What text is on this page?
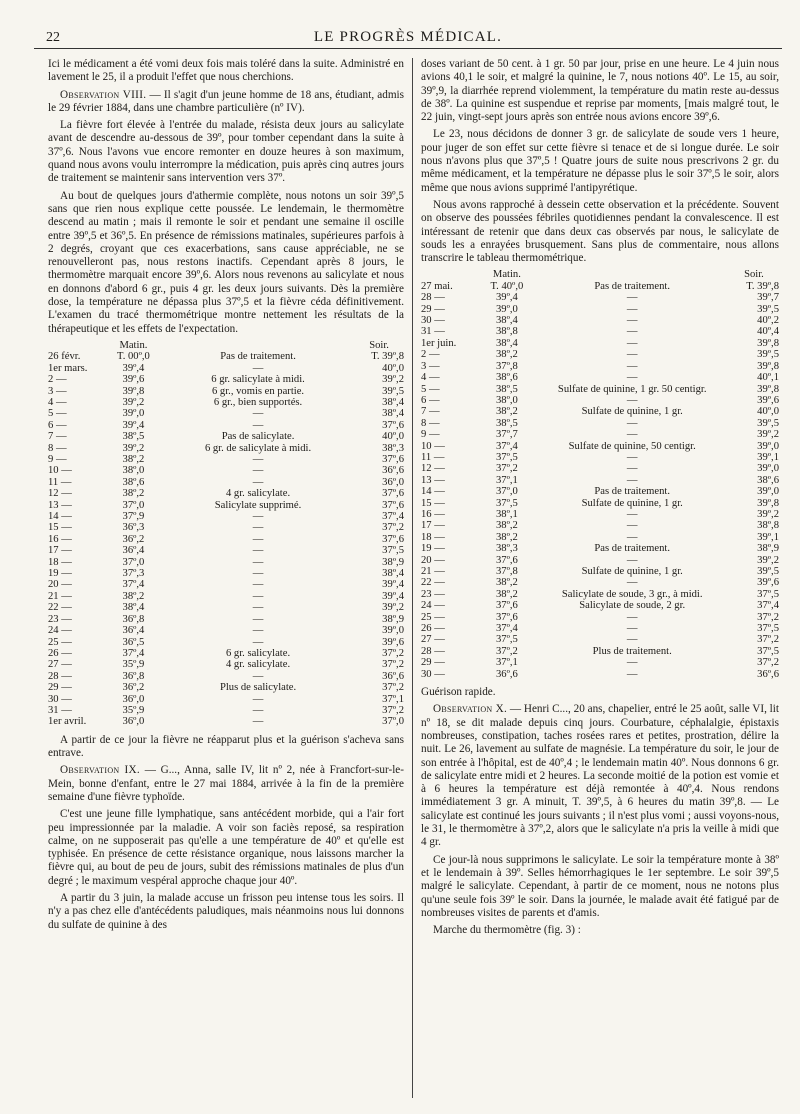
22	LE PROGRÈS MÉDICAL.

Ici le médicament a été vomi deux fois mais toléré dans la suite. Administré en lavement le 25, il a produit l'effet que nous cherchions.

Observation VIII. — Il s'agit d'un jeune homme de 18 ans, étudiant, admis le 29 février 1884, dans une chambre particulière (nº IV).

La fièvre fort élevée à l'entrée du malade, résista deux jours au salicylate avant de descendre au-dessous de 39º, pour tomber cependant dans la suite à 37º,6. Nous l'avons vue encore remonter en douze heures à son maximum, quand nous avons voulu interrompre la médication, puis après cinq autres jours de traitement se maintenir sans intervention vers 37º.

Au bout de quelques jours d'athermie complète, nous notons un soir 39º,5 sans que rien nous explique cette poussée. Le lendemain, le thermomètre descend au matin ; mais il remonte le soir et pendant une semaine il oscille entre 39º,5 et 36º,5. En présence de rémissions matinales, supérieures parfois à 2 degrés, croyant que ces exacerbations, sans cause appréciable, ne se renouvelleront pas, nous restons inactifs. Cependant après 8 jours, le thermomètre marquait encore 39º,6. Alors nous revenons au salicylate et nous en donnons d'abord 6 gr., puis 4 gr. les deux jours suivants. Dès la première dose, la température ne dépassa plus 37º,5 et la fièvre céda définitivement. L'examen du tracé thermométrique montre nettement les résultats de la thérapeutique et les effets de l'expectation.

	Matin.		Soir.
26 févr.	T. 00º,0	Pas de traitement.	T. 39º,8
1er mars.	39º,4	—	40º,0
2 —	39º,6	6 gr. salicylate à midi.	39º,2
3 —	39º,8	6 gr., vomis en partie.	39º,5
4 —	39º,2	6 gr., bien supportés.	38º,4
5 —	39º,0	—	38º,4
6 —	39º,4	—	37º,6
7 —	38º,5	Pas de salicylate.	40º,0
8 —	39º,2	6 gr. de salicylate à midi.	38º,3
9 —	38º,2	—	37º,6
10 —	38º,0	—	36º,6
11 —	38º,6	—	36º,0
12 —	38º,2	4 gr. salicylate.	37º,6
13 —	37º,0	Salicylate supprimé.	37º,6
14 —	37º,9	—	37º,4
15 —	36º,3	—	37º,2
16 —	36º,2	—	37º,6
17 —	36º,4	—	37º,5
18 —	37º,0	—	38º,9
19 —	37º,3	—	38º,4
20 —	37º,4	—	39º,4
21 —	38º,2	—	39º,4
22 —	38º,4	—	39º,2
23 —	36º,8	—	38º,9
24 —	36º,4	—	39º,0
25 —	36º,5	—	39º,6
26 —	37º,4	6 gr. salicylate.	37º,2
27 —	35º,9	4 gr. salicylate.	37º,2
28 —	36º,8	—	36º,6
29 —	36º,2	Plus de salicylate.	37º,2
30 —	36º,0	—	37º,1
31 —	35º,9	—	37º,2
1er avril.	36º,0	—	37º,0

A partir de ce jour la fièvre ne réapparut plus et la guérison s'acheva sans entrave.

Observation IX. — G..., Anna, salle IV, lit nº 2, née à Francfort-sur-le-Mein, bonne d'enfant, entre le 27 mai 1884, arrivée à la fin de la première semaine d'une fièvre typhoïde.

C'est une jeune fille lymphatique, sans antécédent morbide, qui a l'air fort peu impressionnée par la maladie. A voir son faciès reposé, sa respiration calme, on ne supposerait pas qu'elle a une température de 40º et qu'elle est typhisée. En présence de cette résistance organique, nous laissons marcher la fièvre qui, au bout de peu de jours, subit des rémissions matinales de plus d'un degré ; le maximum vespéral approche chaque jour 40º.

A partir du 3 juin, la malade accuse un frisson peu intense tous les soirs. Il n'y a pas chez elle d'antécédents paludiques, mais néanmoins nous lui donnons du sulfate de quinine à des

doses variant de 50 cent. à 1 gr. 50 par jour, prise en une heure. Le 4 juin nous avions 40,1 le soir, et malgré la quinine, le 7, nous notions 40º. Le 15, au soir, 39º,9, la diarrhée reprend violemment, la température du matin reste au-dessus de 38º. La quinine est suspendue et reprise par moments, [mais malgré tout, le 22 juin, vingt-sept jours après son entrée nous avions encore 39º,6.

Le 23, nous décidons de donner 3 gr. de salicylate de soude vers 1 heure, pour juger de son effet sur cette fièvre si tenace et de si longue durée. Le soir nous n'avons plus que 37º,5 ! Quatre jours de suite nous prescrivons 2 gr. du même médicament, et la température ne dépasse plus le soir 37º,5 le soir, alors même que nous avions supprimé l'antipyrétique.

Nous avons rapproché à dessein cette observation et la précédente. Souvent on observe des poussées fébriles quotidiennes pendant la convalescence. Il est intéressant de retenir que dans deux cas observés par nous, le salicylate de souds les a enrayées brusquement. Sans plus de commentaire, nous allons transcrire le tableau thermométrique.

	Matin.		Soir.
27 mai.	T. 40º,0	Pas de traitement.	T. 39º,8
28 —	39º,4	—	39º,7
29 —	39º,0	—	39º,5
30 —	38º,4	—	40º,2
31 —	38º,8	—	40º,4
1er juin.	38º,4	—	39º,8
2 —	38º,2	—	39º,5
3 —	37º,8	—	39º,8
4 —	38º,6	—	40º,1
5 —	38º,5	Sulfate de quinine, 1 gr. 50 centigr.	39º,8
6 —	38º,0	—	39º,6
7 —	38º,2	Sulfate de quinine, 1 gr.	40º,0
8 —	38º,5	—	39º,5
9 —	37º,7	—	39º,2
10 —	37º,4	Sulfate de quinine, 50 centigr.	39º,0
11 —	37º,5	—	39º,1
12 —	37º,2	—	39º,0
13 —	37º,1	—	38º,6
14 —	37º,0	Pas de traitement.	39º,0
15 —	37º,5	Sulfate de quinine, 1 gr.	39º,8
16 —	38º,1	—	39º,2
17 —	38º,2	—	38º,8
18 —	38º,2	—	39º,1
19 —	38º,3	Pas de traitement.	38º,9
20 —	37º,6	—	39º,2
21 —	37º,8	Sulfate de quinine, 1 gr.	39º,5
22 —	38º,2	—	39º,6
23 —	38º,2	Salicylate de soude, 3 gr., à midi.	37º,5
24 —	37º,6	Salicylate de soude, 2 gr.	37º,4
25 —	37º,6	—	37º,2
26 —	37º,4	—	37º,5
27 —	37º,5	—	37º,2
28 —	37º,2	Plus de traitement.	37º,5
29 —	37º,1	—	37º,2
30 —	36º,6	—	36º,6

Guérison rapide.

Observation X. — Henri C..., 20 ans, chapelier, entré le 25 août, salle VI, lit nº 18, se dit malade depuis cinq jours. Courbature, céphalalgie, épistaxis nombreuses, constipation, taches rosées rares et petites, prostration, délire la nuit. Le 26, lavement au sulfate de magnésie. La température du soir, le jour de son entrée à l'hôpital, est de 40º,4 ; le lendemain matin 40º. Nous donnons 6 gr. de salicylate entre midi et 2 heures. La seconde moitié de la potion est vomie et à 6 heures la température est déjà remontée à 40º,4. Nous rendons immédiatement 3 gr. A minuit, T. 39º,5, à 6 heures du matin 39º,8. — Le salicylate est continué les jours suivants ; il n'est plus vomi ; aussi voyons-nous, le 31, le thermomètre à 37º,2, alors que le salicylate n'a pris la veille à midi que 4 gr.

Ce jour-là nous supprimons le salicylate. Le soir la température monte à 38º et le lendemain à 39º. Selles hémorrhagiques le 1er septembre. Le soir 39º,5 malgré le salicylate. Cependant, à partir de ce moment, nous ne notons plus qu'une seule fois 39º le soir. Dans la journée, le malade avait été fatigué par de nombreuses visites de parents et d'amis.

Marche du thermomètre (fig. 3) :
